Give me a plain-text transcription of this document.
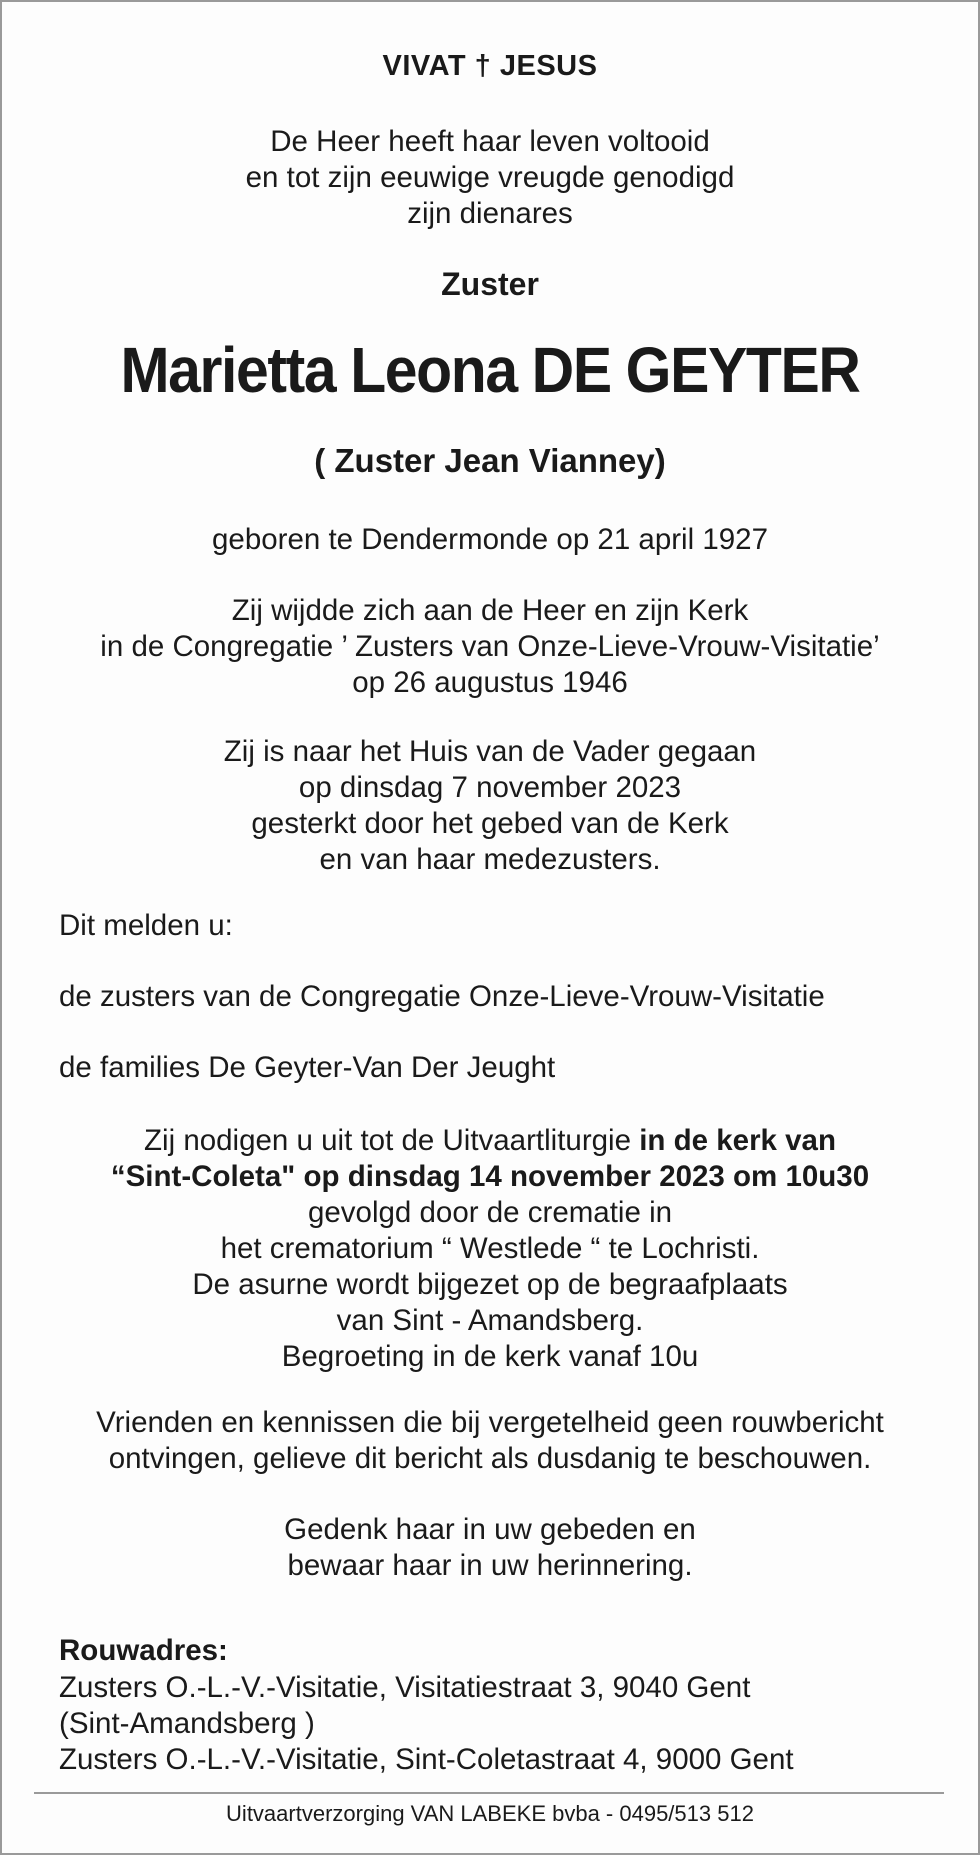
VIVAT † JESUS
De Heer heeft haar leven voltooid
en tot zijn eeuwige vreugde genodigd
zijn dienares
Zuster
Marietta Leona DE GEYTER
( Zuster Jean Vianney)
geboren te Dendermonde op 21 april 1927
Zij wijdde zich aan de Heer en zijn Kerk
in de Congregatie ’ Zusters van Onze-Lieve-Vrouw-Visitatie’
op 26 augustus 1946
Zij is naar het Huis van de Vader gegaan
op dinsdag 7 november 2023
gesterkt door het gebed van de Kerk
en van haar medezusters.
Dit melden u:
de zusters van de Congregatie Onze-Lieve-Vrouw-Visitatie
de families De Geyter-Van Der Jeught
Zij nodigen u uit tot de Uitvaartliturgie in de kerk van
“Sint-Coleta" op dinsdag 14 november 2023 om 10u30
gevolgd door de crematie in
het crematorium “ Westlede “ te Lochristi.
De asurne wordt bijgezet op de begraafplaats
van Sint - Amandsberg.
Begroeting in de kerk vanaf 10u
Vrienden en kennissen die bij vergetelheid geen rouwbericht
ontvingen, gelieve dit bericht als dusdanig te beschouwen.
Gedenk haar in uw gebeden en
bewaar haar in uw herinnering.
Rouwadres:
Zusters O.-L.-V.-Visitatie, Visitatiestraat 3, 9040 Gent
(Sint-Amandsberg )
Zusters O.-L.-V.-Visitatie, Sint-Coletastraat 4, 9000 Gent
Uitvaartverzorging VAN LABEKE bvba - 0495/513 512
